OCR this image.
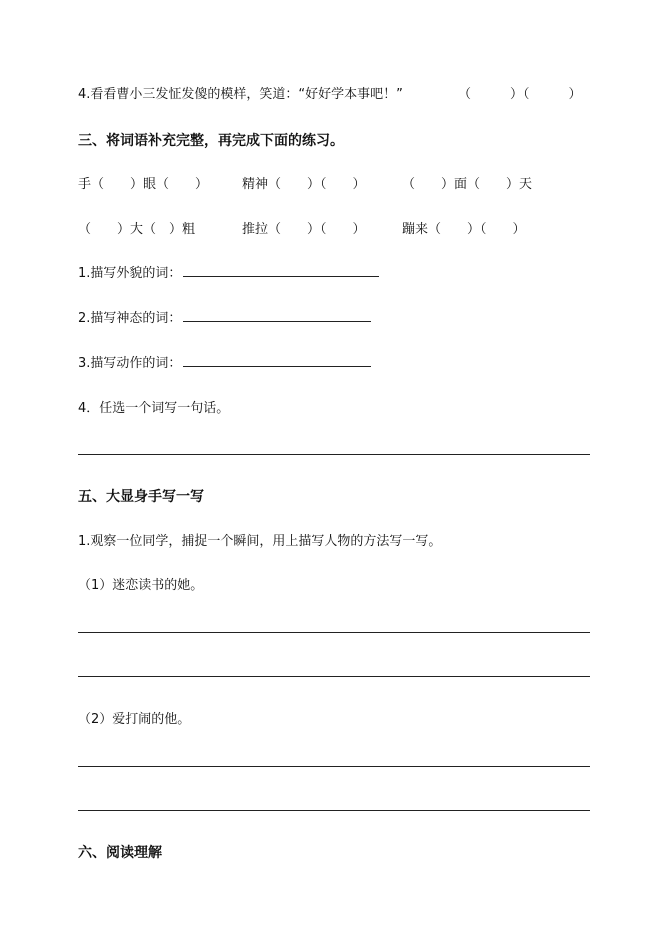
4.看看曹小三发怔发傻的模样，笑道：“好好学本事吧！”	（　　　）（　　　）
三、将词语补充完整，再完成下面的练习。
手（　　）眼（　　）	精神（　　）（　　）	（　　）面（　　）天
（　　）大（　）粗	推拉（　　）（　　）	蹦来（　　）（　　）
1.描写外貌的词：
2.描写神态的词：
3.描写动作的词：
4．任选一个词写一句话。
五、大显身手写一写
1.观察一位同学，捕捉一个瞬间，用上描写人物的方法写一写。
（1）迷恋读书的她。
（2）爱打闹的他。
六、阅读理解
